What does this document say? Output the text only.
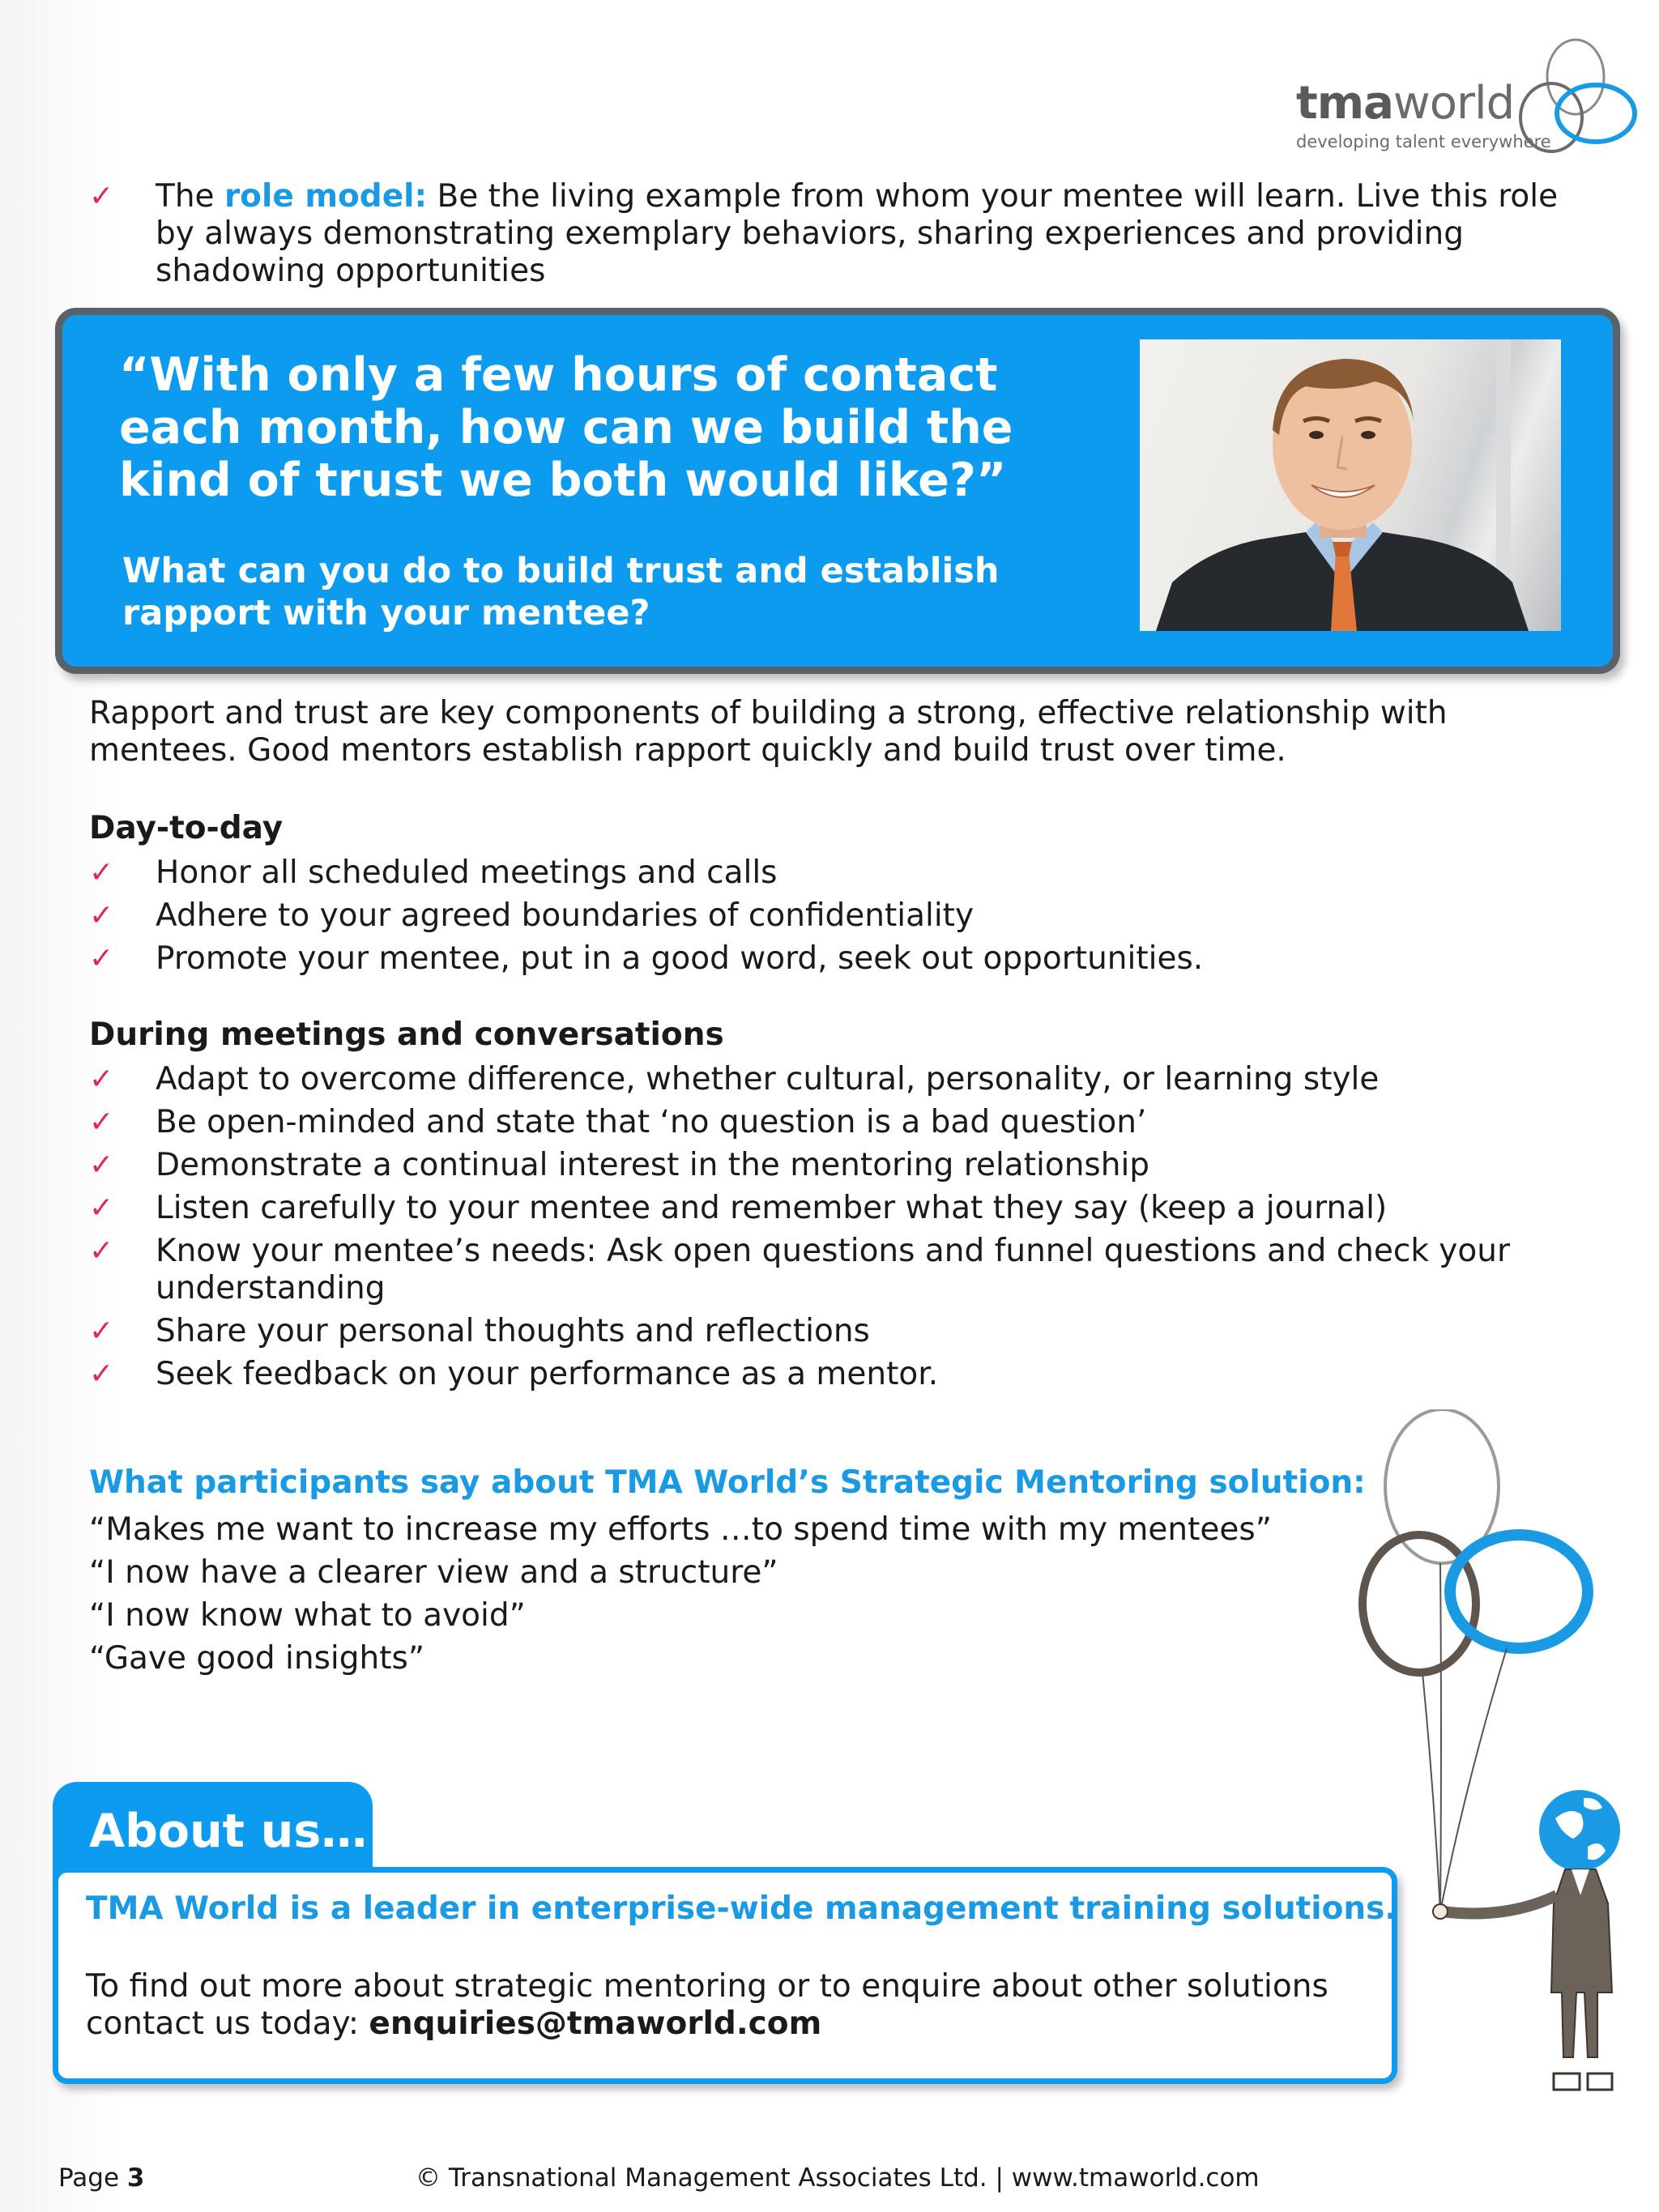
tmaworld
developing talent everywhere
✓ The role model: Be the living example from whom your mentee will learn. Live this role by always demonstrating exemplary behaviors, sharing experiences and providing shadowing opportunities
“With only a few hours of contact each month, how can we build the kind of trust we both would like?”
What can you do to build trust and establish rapport with your mentee?
Rapport and trust are key components of building a strong, effective relationship with mentees. Good mentors establish rapport quickly and build trust over time.
Day-to-day
✓ Honor all scheduled meetings and calls
✓ Adhere to your agreed boundaries of confidentiality
✓ Promote your mentee, put in a good word, seek out opportunities.
During meetings and conversations
✓ Adapt to overcome difference, whether cultural, personality, or learning style
✓ Be open-minded and state that ‘no question is a bad question’
✓ Demonstrate a continual interest in the mentoring relationship
✓ Listen carefully to your mentee and remember what they say (keep a journal)
✓ Know your mentee’s needs: Ask open questions and funnel questions and check your understanding
✓ Share your personal thoughts and reflections
✓ Seek feedback on your performance as a mentor.
What participants say about TMA World’s Strategic Mentoring solution:
“Makes me want to increase my efforts …to spend time with my mentees”
“I now have a clearer view and a structure”
“I now know what to avoid”
“Gave good insights”
About us…
TMA World is a leader in enterprise-wide management training solutions.
To find out more about strategic mentoring or to enquire about other solutions contact us today: enquiries@tmaworld.com
Page 3	© Transnational Management Associates Ltd. | www.tmaworld.com
